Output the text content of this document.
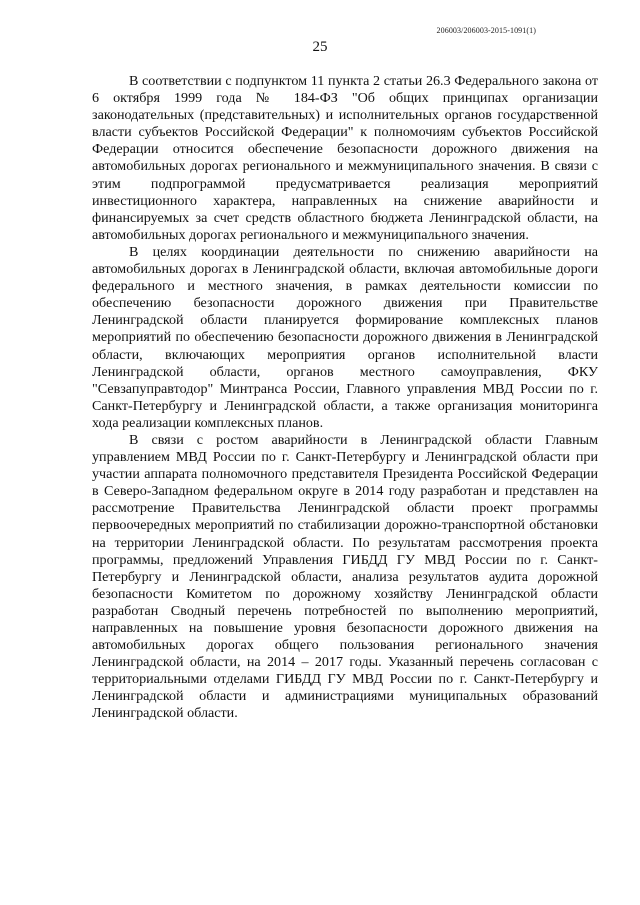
206003/206003-2015-1091(1)
25

В соответствии с подпунктом 11 пункта 2 статьи 26.3 Федерального закона от 6 октября 1999 года № 184-ФЗ "Об общих принципах организации законодательных (представительных) и исполнительных органов государственной власти субъектов Российской Федерации" к полномочиям субъектов Российской Федерации относится обеспечение безопасности дорожного движения на автомобильных дорогах регионального и межмуниципального значения. В связи с этим подпрограммой предусматривается реализация мероприятий инвестиционного характера, направленных на снижение аварийности и финансируемых за счет средств областного бюджета Ленинградской области, на автомобильных дорогах регионального и межмуниципального значения.

В целях координации деятельности по снижению аварийности на автомобильных дорогах в Ленинградской области, включая автомобильные дороги федерального и местного значения, в рамках деятельности комиссии по обеспечению безопасности дорожного движения при Правительстве Ленинградской области планируется формирование комплексных планов мероприятий по обеспечению безопасности дорожного движения в Ленинградской области, включающих мероприятия органов исполнительной власти Ленинградской области, органов местного самоуправления, ФКУ "Севзапуправтодор" Минтранса России, Главного управления МВД России по г. Санкт-Петербургу и Ленинградской области, а также организация мониторинга хода реализации комплексных планов.

В связи с ростом аварийности в Ленинградской области Главным управлением МВД России по г. Санкт-Петербургу и Ленинградской области при участии аппарата полномочного представителя Президента Российской Федерации в Северо-Западном федеральном округе в 2014 году разработан и представлен на рассмотрение Правительства Ленинградской области проект программы первоочередных мероприятий по стабилизации дорожно-транспортной обстановки на территории Ленинградской области. По результатам рассмотрения проекта программы, предложений Управления ГИБДД ГУ МВД России по г. Санкт-Петербургу и Ленинградской области, анализа результатов аудита дорожной безопасности Комитетом по дорожному хозяйству Ленинградской области разработан Сводный перечень потребностей по выполнению мероприятий, направленных на повышение уровня безопасности дорожного движения на автомобильных дорогах общего пользования регионального значения Ленинградской области, на 2014 – 2017 годы. Указанный перечень согласован с территориальными отделами ГИБДД ГУ МВД России по г. Санкт-Петербургу и Ленинградской области и администрациями муниципальных образований Ленинградской области.
